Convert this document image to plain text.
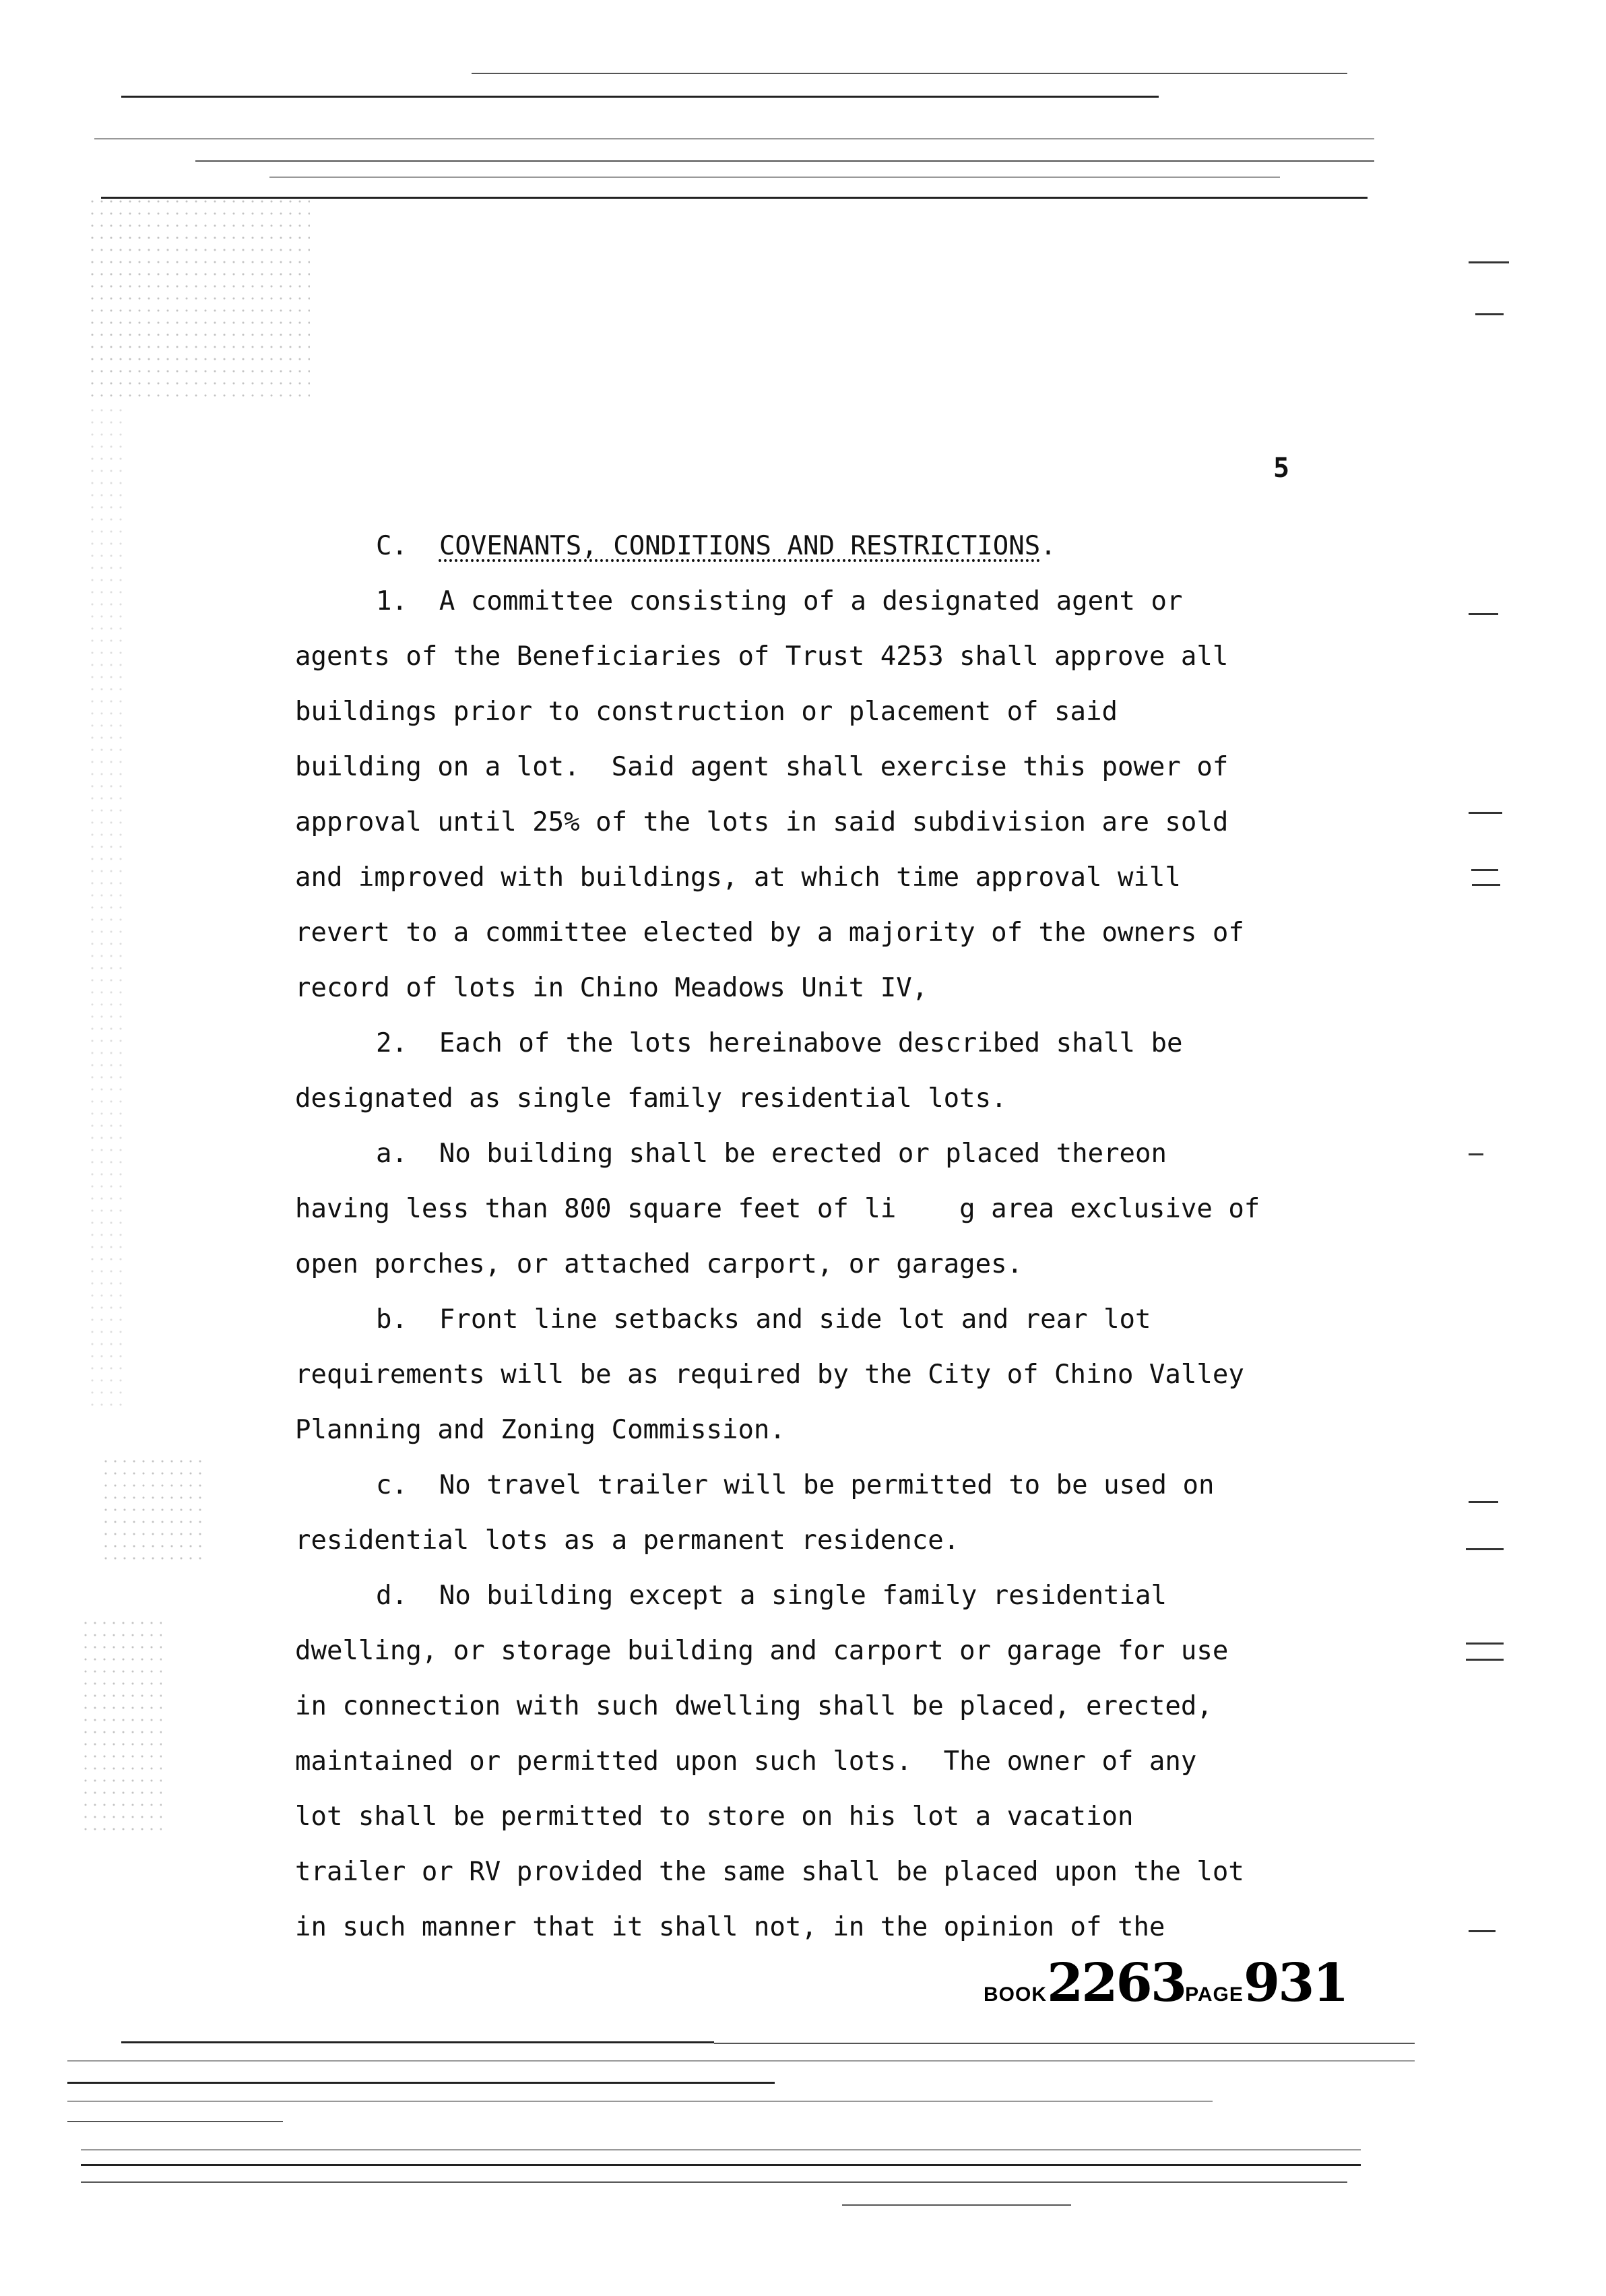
5
C. COVENANTS, CONDITIONS AND RESTRICTIONS.
1.  A committee consisting of a designated agent or
agents of the Beneficiaries of Trust 4253 shall approve all
buildings prior to construction or placement of said
building on a lot.  Said agent shall exercise this power of
approval until 25% of the lots in said subdivision are sold
and improved with buildings, at which time approval will
revert to a committee elected by a majority of the owners of
record of lots in Chino Meadows Unit IV,
2.  Each of the lots hereinabove described shall be
designated as single family residential lots.
a.  No building shall be erected or placed thereon
having less than 800 square feet of li    g area exclusive of
open porches, or attached carport, or garages.
b.  Front line setbacks and side lot and rear lot
requirements will be as required by the City of Chino Valley
Planning and Zoning Commission.
c.  No travel trailer will be permitted to be used on
residential lots as a permanent residence.
d.  No building except a single family residential
dwelling, or storage building and carport or garage for use
in connection with such dwelling shall be placed, erected,
maintained or permitted upon such lots.  The owner of any
lot shall be permitted to store on his lot a vacation
trailer or RV provided the same shall be placed upon the lot
in such manner that it shall not, in the opinion of the
BOOK2263PAGE931
